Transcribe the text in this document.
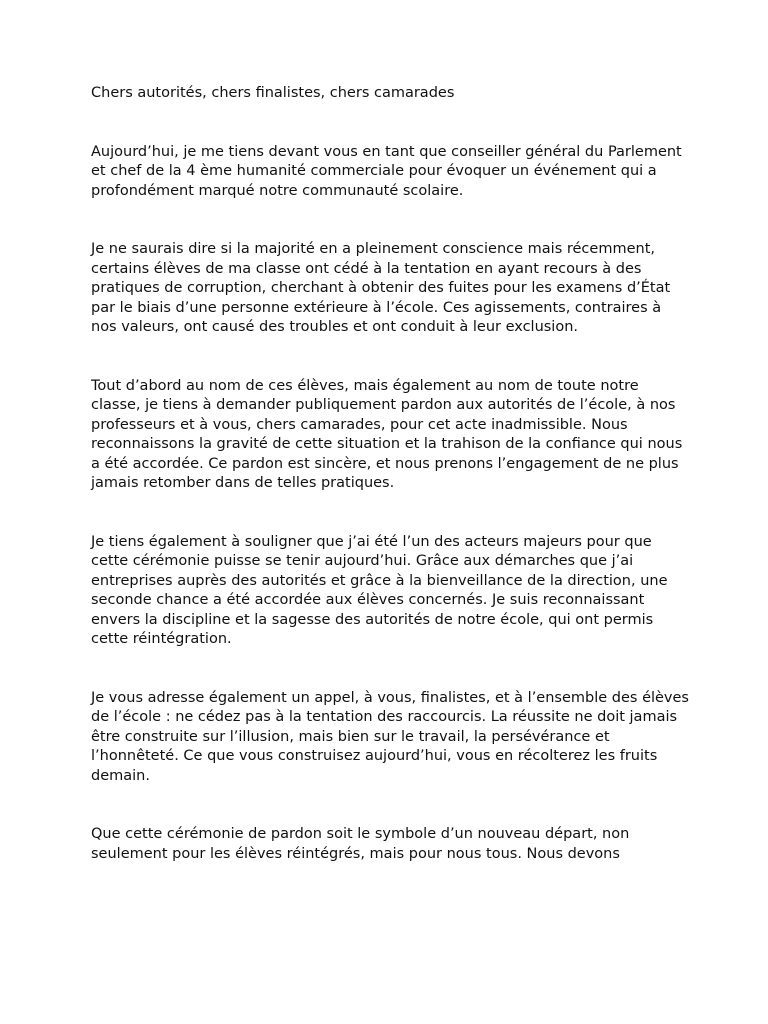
Chers autorités, chers finalistes, chers camarades

Aujourd’hui, je me tiens devant vous en tant que conseiller général du Parlement et chef de la 4 ème humanité commerciale pour évoquer un événement qui a profondément marqué notre communauté scolaire.

Je ne saurais dire si la majorité en a pleinement conscience mais récemment, certains élèves de ma classe ont cédé à la tentation en ayant recours à des pratiques de corruption, cherchant à obtenir des fuites pour les examens d’État par le biais d’une personne extérieure à l’école. Ces agissements, contraires à nos valeurs, ont causé des troubles et ont conduit à leur exclusion.

Tout d’abord au nom de ces élèves, mais également au nom de toute notre classe, je tiens à demander publiquement pardon aux autorités de l’école, à nos professeurs et à vous, chers camarades, pour cet acte inadmissible. Nous reconnaissons la gravité de cette situation et la trahison de la confiance qui nous a été accordée. Ce pardon est sincère, et nous prenons l’engagement de ne plus jamais retomber dans de telles pratiques.

Je tiens également à souligner que j’ai été l’un des acteurs majeurs pour que cette cérémonie puisse se tenir aujourd’hui. Grâce aux démarches que j’ai entreprises auprès des autorités et grâce à la bienveillance de la direction, une seconde chance a été accordée aux élèves concernés. Je suis reconnaissant envers la discipline et la sagesse des autorités de notre école, qui ont permis cette réintégration.

Je vous adresse également un appel, à vous, finalistes, et à l’ensemble des élèves de l’école : ne cédez pas à la tentation des raccourcis. La réussite ne doit jamais être construite sur l’illusion, mais bien sur le travail, la persévérance et l’honnêteté. Ce que vous construisez aujourd’hui, vous en récolterez les fruits demain.

Que cette cérémonie de pardon soit le symbole d’un nouveau départ, non seulement pour les élèves réintégrés, mais pour nous tous. Nous devons
